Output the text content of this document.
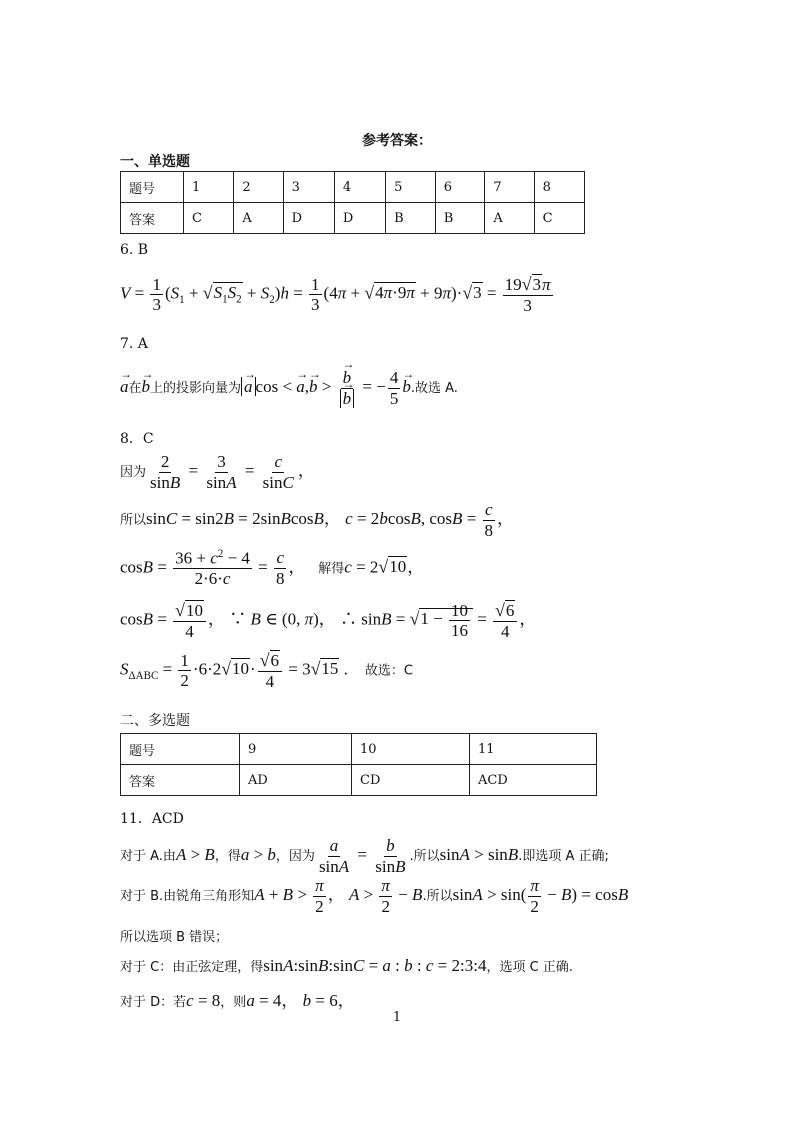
参考答案：
一、单选题
题号	1	2	3	4	5	6	7	8
答案	C	A	D	D	B	B	A	C
6. B
$V = \frac{1}{3} (S_1 + √S_1S_2 + S_2)h = \frac{1}{3} (4\pi + √4\pi\cdot 9\pi + 9\pi)\cdot√3 = \frac{19√3\pi}{3}$
7. A
→ a在→ b上的投影向量为 → a cos < → a,→ b > → b
→ b = − $\frac{4}{5} \to b$.故选 A.
8．C
因为 $\frac{2}{\sin B} = \frac{3}{\sin A} = \frac{c}{\sin C}$ ，
所以sinC = sin2B = 2sinBcosB， c = 2bcosB, $\cos B = \frac{c}{8}$ ，
$\cos B = \frac{36 + c^2 - 4}{2\cdot 6\cdot c} = \frac{c}{8}$ ，   解得c = 2√10，
$\cos B = \frac{√10}{4}$ ， ∵ B ∈ (0, π)， ∴ $\sin B = √1 - \frac{10}{16} = \frac{√6}{4}$ ，
$S_{\Delta ABC} = \frac{1}{2} \cdot 6\cdot 2√10\cdot \frac{√6}{4} = 3√15$ .    故选：C
二、多选题
题号	9	10	11
答案	AD	CD	ACD
11．ACD
对于 A.由A > B，得a > b，因为 $\frac{a}{\sin A} = \frac{b}{\sin B}$ .所以sinA > sinB.即选项 A 正确;
对于 B.由锐角三角形知$A + B > \frac{\pi}{2}$ ， $A > \frac{\pi}{2} - B$.所以$\sin A > \sin( \frac{\pi}{2} - B) = \cos B$
所以选项 B 错误；
对于 C：由正弦定理，得sinA:sinB:sinC = a : b : c = 2:3:4，选项 C 正确.
对于 D：若c = 8，则a = 4， b = 6，
1
